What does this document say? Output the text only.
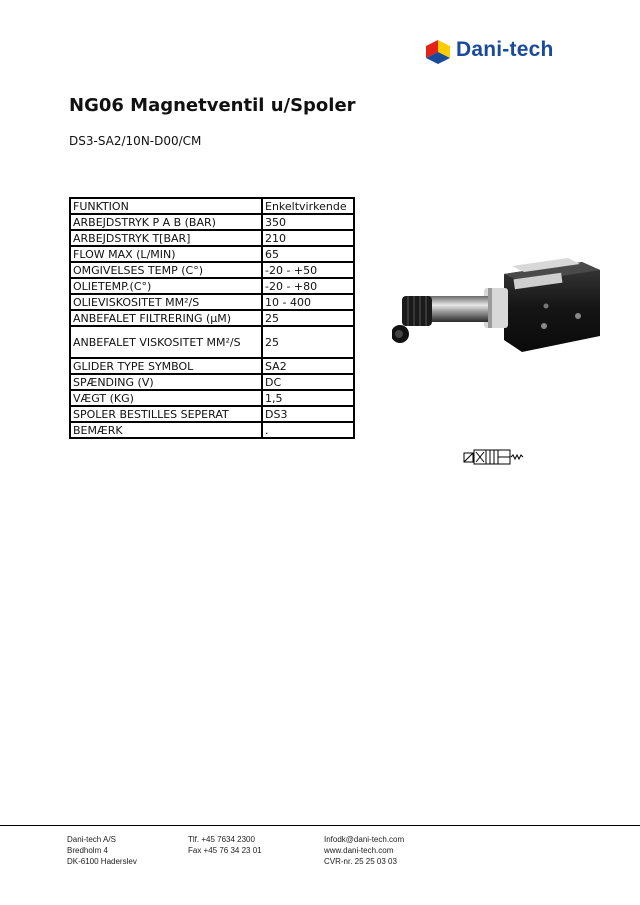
Dani-tech
NG06 Magnetventil u/Spoler
DS3-SA2/10N-D00/CM
FUNKTION	Enkeltvirkende
ARBEJDSTRYK P A B (BAR)	350
ARBEJDSTRYK T[BAR]	210
FLOW MAX (L/MIN)	65
OMGIVELSES TEMP (C°)	-20 - +50
OLIETEMP.(C°)	-20 - +80
OLIEVISKOSITET MM²/S	10 - 400
ANBEFALET FILTRERING (μM)	25
ANBEFALET VISKOSITET MM²/S	25
GLIDER TYPE SYMBOL	SA2
SPÆNDING (V)	DC
VÆGT (KG)	1,5
SPOLER BESTILLES SEPERAT	DS3
BEMÆRK	.
Dani-tech A/S
Bredholm 4
DK-6100 Haderslev
Tlf. +45 7634 2300
Fax +45 76 34 23 01
Infodk@dani-tech.com
www.dani-tech.com
CVR-nr. 25 25 03 03
